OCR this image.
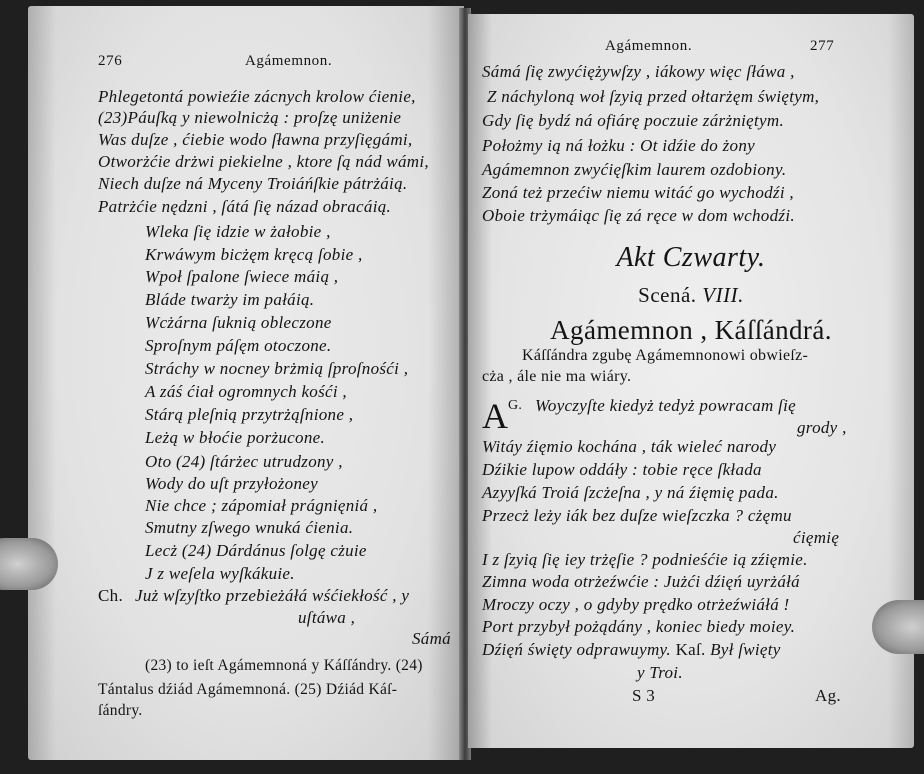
276	Agámemnon.
Phlegetontá powieźie zácnych krolow ćienie,
(23)Páuſką y niewolnicżą : proſzę uniżenie
Was duſze , ćiebie wodo ſławna przyſięgámi,
Otworżćie drżwi piekielne , ktore ſą nád wámi,
Niech duſze ná Myceny Troiáńſkie pátrżáią.
Patrżćie nędzni , ſátá ſię názad obracáią.
Wleka ſię idzie w żałobie ,
Krwáwym bicżęm kręcą ſobie ,
Wpoł ſpalone ſwiece máią ,
Bláde twarży im pałáią.
Wcżárna ſuknią obleczone
Sproſnym páſęm otoczone.
Stráchy w nocney brżmią ſproſnośći ,
A záś ćiał ogromnych kośći ,
Stárą pleſnią przytrżąſnione ,
Leżą w błoćie porżucone.
Oto (24) ſtárżec utrudzony ,
Wody do uſt przyłożoney
Nie chce ; zápomiał prágnięniá ,
Smutny zſwego wnuká ćienia.
Lecż (24) Dárdánus ſolgę cżuie
J z weſela wyſkákuie.
Ch. Już wſzyſtko przebieżáłá wśćiekłość , y
uſtáwa ,
Sámá
(23) to ieſt Agámemnoná y Káſſándry. (24)
Tántalus dźiád Agámemnoná. (25) Dźiád Káſ-
ſándry.
Agámemnon.	277
Sámá ſię zwyćiężywſzy , iákowy więc ſłáwa ,
Z náchyloną woł ſzyią przed ołtarżęm świętym,
Gdy ſię bydź ná ofiárę poczuie zárżniętym.
Położmy ią ná łożku : Ot idźie do żony
Agámemnon zwyćięſkim laurem ozdobiony.
Zoná też przećiw niemu witáć go wychodźi ,
Oboie trżymáiąc ſię zá ręce w dom wchodźi.
Akt Czwarty.
Scená. VIII.
Agámemnon , Káſſándrá.
Káſſándra zgubę Agámemnonowi obwieſz-
cża , ále nie ma wiáry.
A G. Woyczyſte kiedyż tedyż powracam ſię
grody ,
Witáy źięmio kochána , ták wieleć narody
Dźikie lupow oddáły : tobie ręce ſkłada
Azyyſká Troiá ſzcżeſna , y ná źięmię pada.
Przecż leży iák bez duſze wieſzczka ? cżęmu
ćięmię
I z ſzyią ſię iey trżęſie ? podnieśćie ią zźięmie.
Zimna woda otrżeźwćie : Jużći dźięń uyrżáłá
Mroczy oczy , o gdyby prędko otrżeźwiáłá !
Port przybył pożądány , koniec biedy moiey.
Dźięń święty odprawuymy. Kaſ. Był ſwięty
y Troi.
S 3	Ag.
